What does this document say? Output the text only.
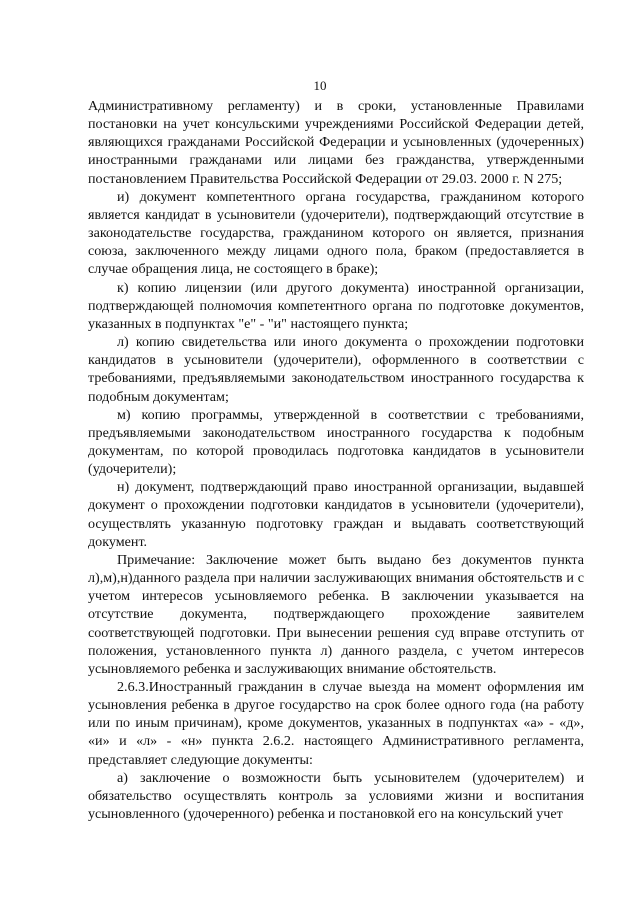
10

Административному регламенту) и в сроки, установленные Правилами постановки на учет консульскими учреждениями Российской Федерации детей, являющихся гражданами Российской Федерации и усыновленных (удочеренных) иностранными гражданами или лицами без гражданства, утвержденными постановлением Правительства Российской Федерации от 29.03. 2000 г. N 275;

и) документ компетентного органа государства, гражданином которого является кандидат в усыновители (удочерители), подтверждающий отсутствие в законодательстве государства, гражданином которого он является, признания союза, заключенного между лицами одного пола, браком (предоставляется в случае обращения лица, не состоящего в браке);

к) копию лицензии (или другого документа) иностранной организации, подтверждающей полномочия компетентного органа по подготовке документов, указанных в подпунктах "е" - "и" настоящего пункта;

л) копию свидетельства или иного документа о прохождении подготовки кандидатов в усыновители (удочерители), оформленного в соответствии с требованиями, предъявляемыми законодательством иностранного государства к подобным документам;

м) копию программы, утвержденной в соответствии с требованиями, предъявляемыми законодательством иностранного государства к подобным документам, по которой проводилась подготовка кандидатов в усыновители (удочерители);

н) документ, подтверждающий право иностранной организации, выдавшей документ о прохождении подготовки кандидатов в усыновители (удочерители), осуществлять указанную подготовку граждан и выдавать соответствующий документ.

Примечание: Заключение может быть выдано без документов пункта л),м),н)данного раздела при наличии заслуживающих внимания обстоятельств и с учетом интересов усыновляемого ребенка. В заключении указывается на отсутствие документа, подтверждающего прохождение заявителем соответствующей подготовки. При вынесении решения суд вправе отступить от положения, установленного пункта л) данного раздела, с учетом интересов усыновляемого ребенка и заслуживающих внимание обстоятельств.

2.6.3.Иностранный гражданин в случае выезда на момент оформления им усыновления ребенка в другое государство на срок более одного года (на работу или по иным причинам), кроме документов, указанных в подпунктах «а» - «д», «и» и «л» - «н» пункта 2.6.2. настоящего Административного регламента, представляет следующие документы:

а) заключение о возможности быть усыновителем (удочерителем) и обязательство осуществлять контроль за условиями жизни и воспитания усыновленного (удочеренного) ребенка и постановкой его на консульский учет
